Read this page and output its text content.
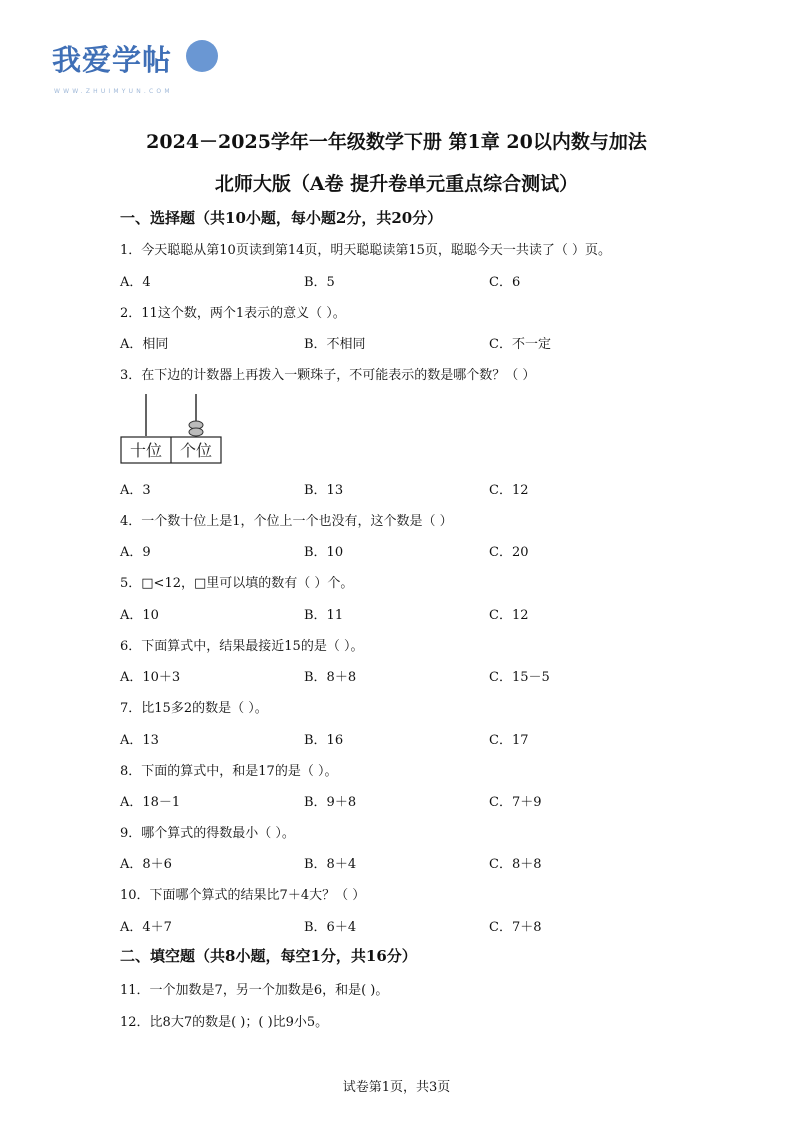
我爱学帖
WWW.ZHUIMYUN.COM
2024－2025学年一年级数学下册 第1章 20以内数与加法
北师大版（A卷 提升卷单元重点综合测试）
一、选择题（共10小题，每小题2分，共20分）
1．今天聪聪从第10页读到第14页，明天聪聪读第15页，聪聪今天一共读了（ ）页。
A．4	B．5	C．6
2．11这个数，两个1表示的意义（ ）。
A．相同	B．不相同	C．不一定
3．在下边的计数器上再拨入一颗珠子，不可能表示的数是哪个数？（ ）
十位 个位
A．3	B．13	C．12
4．一个数十位上是1，个位上一个也没有，这个数是（ ）
A．9	B．10	C．20
5．□<12，□里可以填的数有（ ）个。
A．10	B．11	C．12
6．下面算式中，结果最接近15的是（ ）。
A．10＋3	B．8＋8	C．15－5
7．比15多2的数是（ ）。
A．13	B．16	C．17
8．下面的算式中，和是17的是（ ）。
A．18－1	B．9＋8	C．7＋9
9．哪个算式的得数最小（ ）。
A．8＋6	B．8＋4	C．8＋8
10．下面哪个算式的结果比7＋4大？（ ）
A．4＋7	B．6＋4	C．7＋8
二、填空题（共8小题，每空1分，共16分）
11．一个加数是7，另一个加数是6，和是( )。
12．比8大7的数是( )；( )比9小5。
试卷第1页，共3页
